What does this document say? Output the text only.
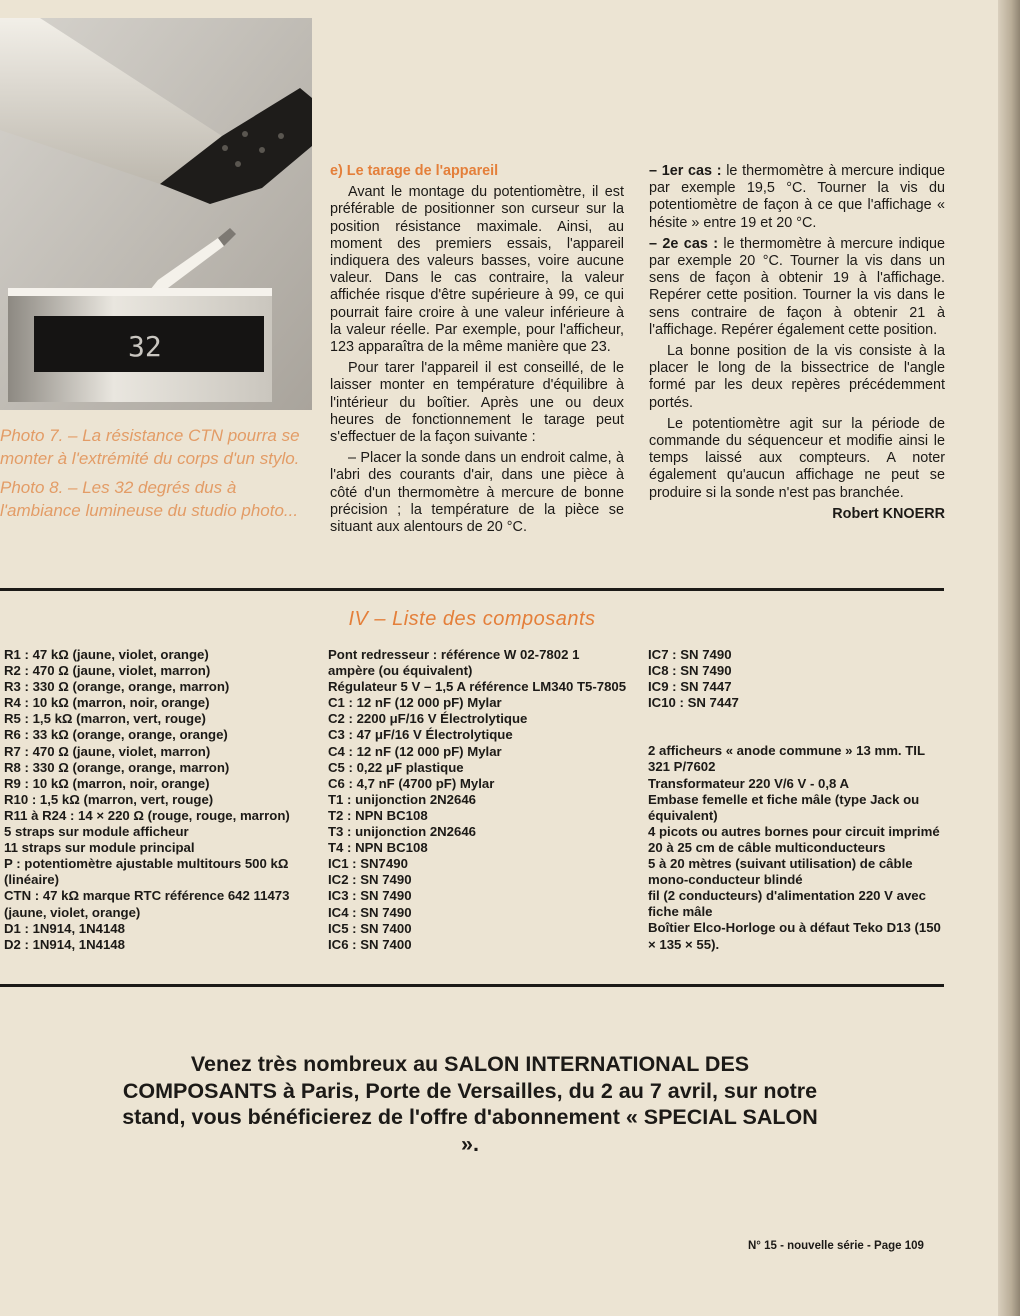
32

Photo 7. – La résistance CTN pourra se monter à l'extrémité du corps d'un stylo.

Photo 8. – Les 32 degrés dus à l'ambiance lumineuse du studio photo...

e) Le tarage de l'appareil

Avant le montage du potentiomètre, il est préférable de positionner son curseur sur la position résistance maximale. Ainsi, au moment des premiers essais, l'appareil indiquera des valeurs basses, voire aucune valeur. Dans le cas contraire, la valeur affichée risque d'être supérieure à 99, ce qui pourrait faire croire à une valeur inférieure à la valeur réelle. Par exemple, pour l'afficheur, 123 apparaîtra de la même manière que 23.

Pour tarer l'appareil il est conseillé, de le laisser monter en température d'équilibre à l'intérieur du boîtier. Après une ou deux heures de fonctionnement le tarage peut s'effectuer de la façon suivante :

– Placer la sonde dans un endroit calme, à l'abri des courants d'air, dans une pièce à côté d'un thermomètre à mercure de bonne précision ; la température de la pièce se situant aux alentours de 20 °C.

– 1er cas : le thermomètre à mercure indique par exemple 19,5 °C. Tourner la vis du potentiomètre de façon à ce que l'affichage « hésite » entre 19 et 20 °C.

– 2e cas : le thermomètre à mercure indique par exemple 20 °C. Tourner la vis dans un sens de façon à obtenir 19 à l'affichage. Repérer cette position. Tourner la vis dans le sens contraire de façon à obtenir 21 à l'affichage. Repérer également cette position.

La bonne position de la vis consiste à la placer le long de la bissectrice de l'angle formé par les deux repères précédemment portés.

Le potentiomètre agit sur la période de commande du séquenceur et modifie ainsi le temps laissé aux compteurs. A noter également qu'aucun affichage ne peut se produire si la sonde n'est pas branchée.

Robert KNOERR

IV – Liste des composants
R1 : 47 kΩ (jaune, violet, orange)
R2 : 470 Ω (jaune, violet, marron)
R3 : 330 Ω (orange, orange, marron)
R4 : 10 kΩ (marron, noir, orange)
R5 : 1,5 kΩ (marron, vert, rouge)
R6 : 33 kΩ (orange, orange, orange)
R7 : 470 Ω (jaune, violet, marron)
R8 : 330 Ω (orange, orange, marron)
R9 : 10 kΩ (marron, noir, orange)
R10 : 1,5 kΩ (marron, vert, rouge)
R11 à R24 : 14 × 220 Ω (rouge, rouge, marron)
5 straps sur module afficheur
11 straps sur module principal
P : potentiomètre ajustable multitours 500 kΩ (linéaire)
CTN : 47 kΩ marque RTC référence 642 11473 (jaune, violet, orange)
D1 : 1N914, 1N4148
D2 : 1N914, 1N4148
Pont redresseur : référence W 02-7802 1 ampère (ou équivalent)
Régulateur 5 V – 1,5 A référence LM340 T5-7805
C1 : 12 nF (12 000 pF) Mylar
C2 : 2200 μF/16 V Électrolytique
C3 : 47 μF/16 V Électrolytique
C4 : 12 nF (12 000 pF) Mylar
C5 : 0,22 μF plastique
C6 : 4,7 nF (4700 pF) Mylar
T1 : unijonction 2N2646
T2 : NPN BC108
T3 : unijonction 2N2646
T4 : NPN BC108
IC1 : SN7490
IC2 : SN 7490
IC3 : SN 7490
IC4 : SN 7490
IC5 : SN 7400
IC6 : SN 7400
IC7 : SN 7490
IC8 : SN 7490
IC9 : SN 7447
IC10 : SN 7447
2 afficheurs « anode commune » 13 mm. TIL 321 P/7602
Transformateur 220 V/6 V - 0,8 A
Embase femelle et fiche mâle (type Jack ou équivalent)
4 picots ou autres bornes pour circuit imprimé
20 à 25 cm de câble multiconducteurs
5 à 20 mètres (suivant utilisation) de câble mono-conducteur blindé
fil (2 conducteurs) d'alimentation 220 V avec fiche mâle
Boîtier Elco-Horloge ou à défaut Teko D13 (150 × 135 × 55).
Venez très nombreux au SALON INTERNATIONAL DES COMPOSANTS à Paris, Porte de Versailles, du 2 au 7 avril, sur notre stand, vous bénéficierez de l'offre d'abonnement « SPECIAL SALON ».
N° 15 - nouvelle série - Page 109
